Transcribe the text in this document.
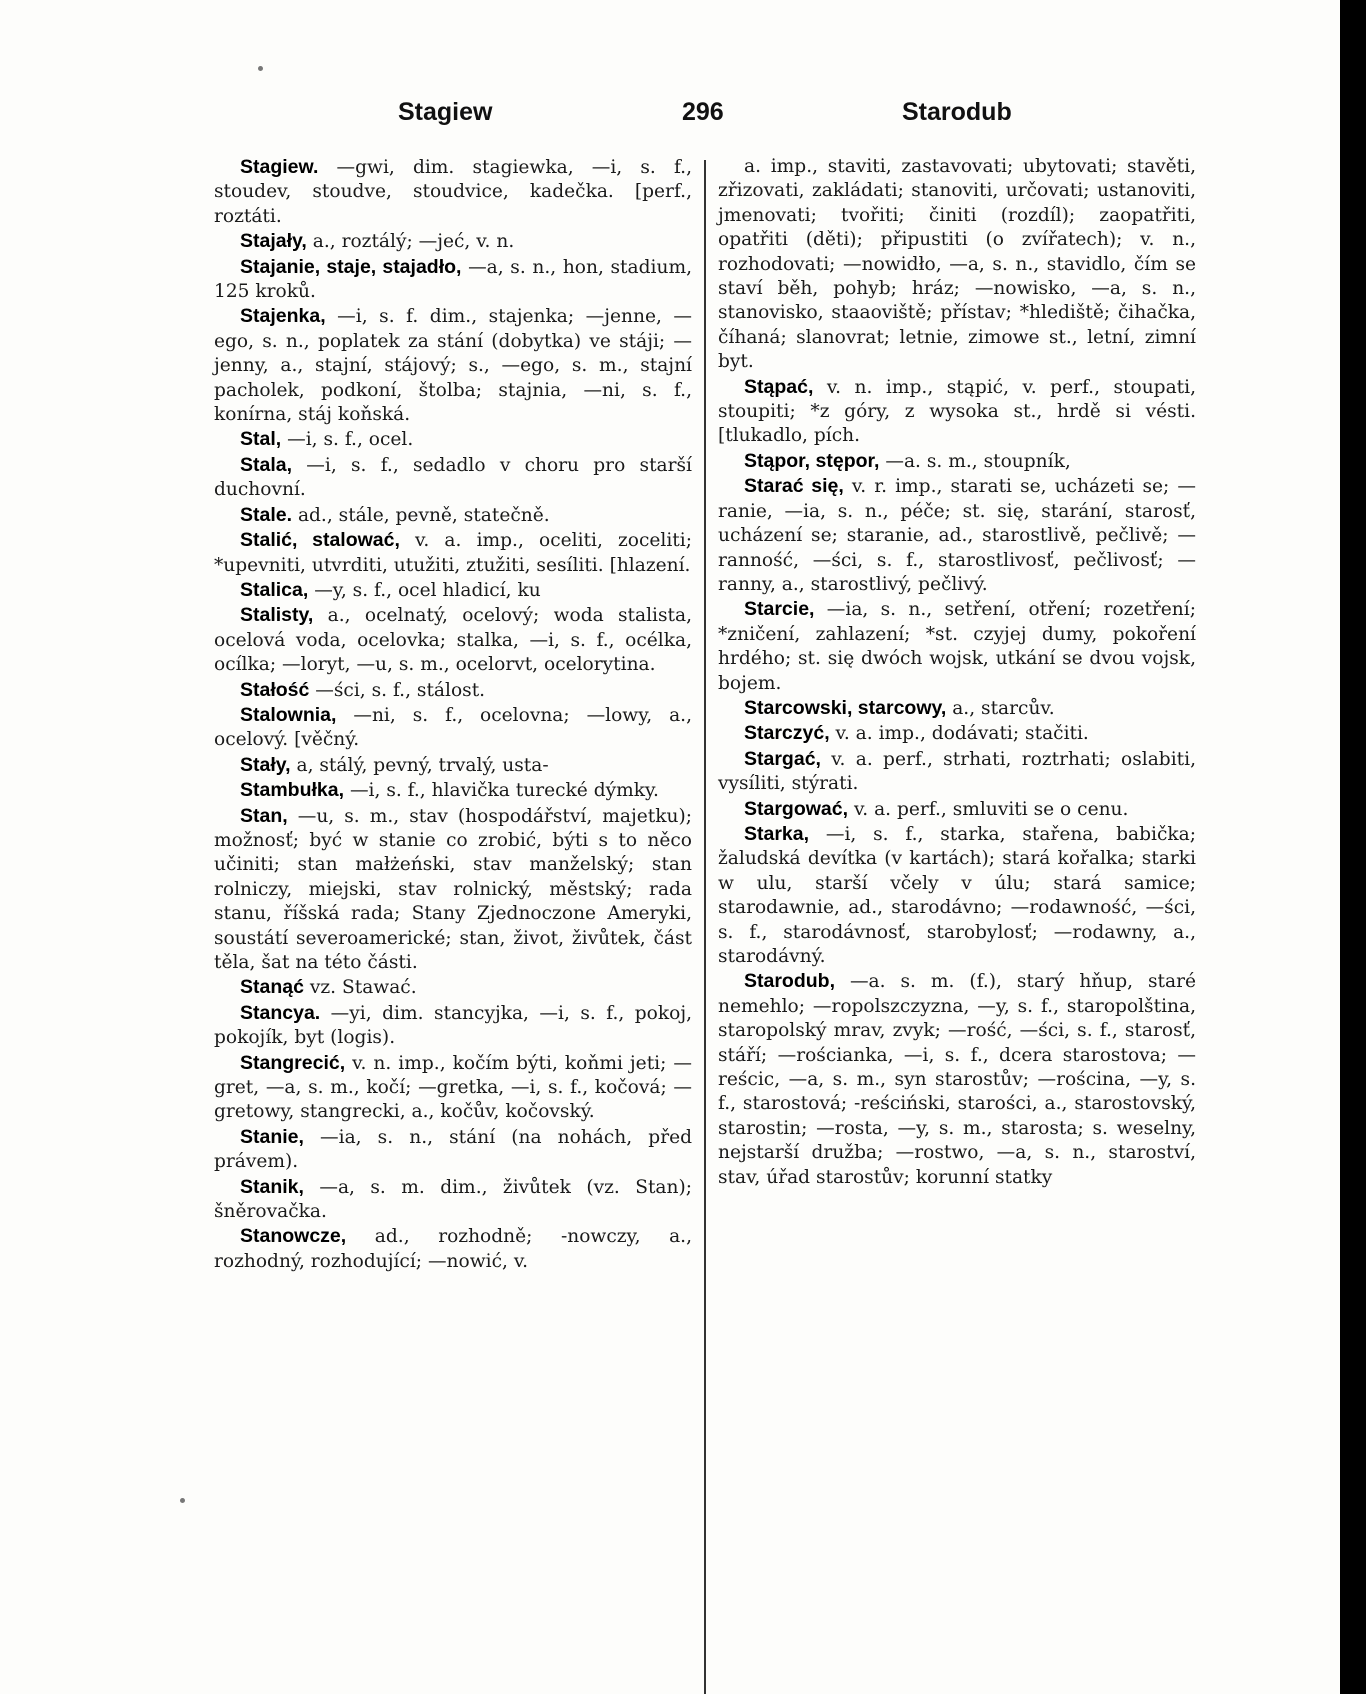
Stagiew	296	Starodub

Stagiew. —gwi, dim. stagiewka, —i, s. f., stoudev, stoudve, stoudvice, kadečka. [perf., roztáti.

Stajały, a., roztálý; —jeć, v. n.

Stajanie, staje, stajadło, —a, s. n., hon, stadium, 125 kroků.

Stajenka, —i, s. f. dim., stajenka; —jenne, —ego, s. n., poplatek za stání (dobytka) ve stáji; —jenny, a., stajní, stájový; s., —ego, s. m., stajní pacholek, podkoní, štolba; stajnia, —ni, s. f., konírna, stáj koňská.

Stal, —i, s. f., ocel.

Stala, —i, s. f., sedadlo v choru pro starší duchovní.

Stale. ad., stále, pevně, statečně.

Stalić, stalować, v. a. imp., oceliti, zoceliti; *upevniti, utvrditi, utužiti, ztužiti, sesíliti. [hlazení.

Stalica, —y, s. f., ocel hladicí, ku

Stalisty, a., ocelnatý, ocelový; woda stalista, ocelová voda, ocelovka; stalka, —i, s. f., océlka, ocílka; —loryt, —u, s. m., ocelorvt, ocelorytina.

Stałość —ści, s. f., stálost.

Stalownia, —ni, s. f., ocelovna; —lowy, a., ocelový. [věčný.

Stały, a, stálý, pevný, trvalý, usta-

Stambułka, —i, s. f., hlavička turecké dýmky.

Stan, —u, s. m., stav (hospodářství, majetku); možnosť; być w stanie co zrobić, býti s to něco učiniti; stan małżeński, stav manželský; stan rolniczy, miejski, stav rolnický, městský; rada stanu, říšská rada; Stany Zjednoczone Ameryki, soustátí severoamerické; stan, život, živůtek, část těla, šat na této části.

Stanąć vz. Stawać.

Stancya. —yi, dim. stancyjka, —i, s. f., pokoj, pokojík, byt (logis).

Stangrecić, v. n. imp., kočím býti, koňmi jeti; —gret, —a, s. m., kočí; —gretka, —i, s. f., kočová; —gretowy, stangrecki, a., kočův, kočovský.

Stanie, —ia, s. n., stání (na nohách, před právem).

Stanik, —a, s. m. dim., živůtek (vz. Stan); šněrovačka.

Stanowcze, ad., rozhodně; -nowczy, a., rozhodný, rozhodující; —nowić, v.

a. imp., staviti, zastavovati; ubytovati; stavěti, zřizovati, zakládati; stanoviti, určovati; ustanoviti, jmenovati; tvořiti; činiti (rozdíl); zaopatřiti, opatřiti (děti); připustiti (o zvířatech); v. n., rozhodovati; —nowidło, —a, s. n., stavidlo, čím se staví běh, pohyb; hráz; —nowisko, —a, s. n., stanovisko, staaoviště; přístav; *hlediště; čihačka, číhaná; slanovrat; letnie, zimowe st., letní, zimní byt.

Stąpać, v. n. imp., stąpić, v. perf., stoupati, stoupiti; *z góry, z wysoka st., hrdě si vésti. [tlukadlo, pích.

Stąpor, stępor, —a. s. m., stoupník,

Starać się, v. r. imp., starati se, ucházeti se; —ranie, —ia, s. n., péče; st. się, starání, starosť, ucházení se; staranie, ad., starostlivě, pečlivě; —ranność, —ści, s. f., starostlivosť, pečlivosť; —ranny, a., starostlivý, pečlivý.

Starcie, —ia, s. n., setření, otření; rozetření; *zničení, zahlazení; *st. czyjej dumy, pokoření hrdého; st. się dwóch wojsk, utkání se dvou vojsk, bojem.

Starcowski, starcowy, a., starcův.

Starczyć, v. a. imp., dodávati; stačiti.

Stargać, v. a. perf., strhati, roztrhati; oslabiti, vysíliti, stýrati.

Stargować, v. a. perf., smluviti se o cenu.

Starka, —i, s. f., starka, stařena, babička; žaludská devítka (v kartách); stará kořalka; starki w ulu, starší včely v úlu; stará samice; starodawnie, ad., starodávno; —rodawność, —ści, s. f., starodávnosť, starobylosť; —rodawny, a., starodávný.

Starodub, —a. s. m. (f.), starý hňup, staré nemehlo; —ropolszczyzna, —y, s. f., staropolština, staropolský mrav, zvyk; —rość, —ści, s. f., starosť, stáří; —rościanka, —i, s. f., dcera starostova; —reścic, —a, s. m., syn starostův; —rościna, —y, s. f., starostová; -reściński, staroścі, a., starostovský, starostin; —rosta, —y, s. m., starosta; s. weselny, nejstarší družba; —rostwo, —a, s. n., staroství, stav, úřad starostův; korunní statky
